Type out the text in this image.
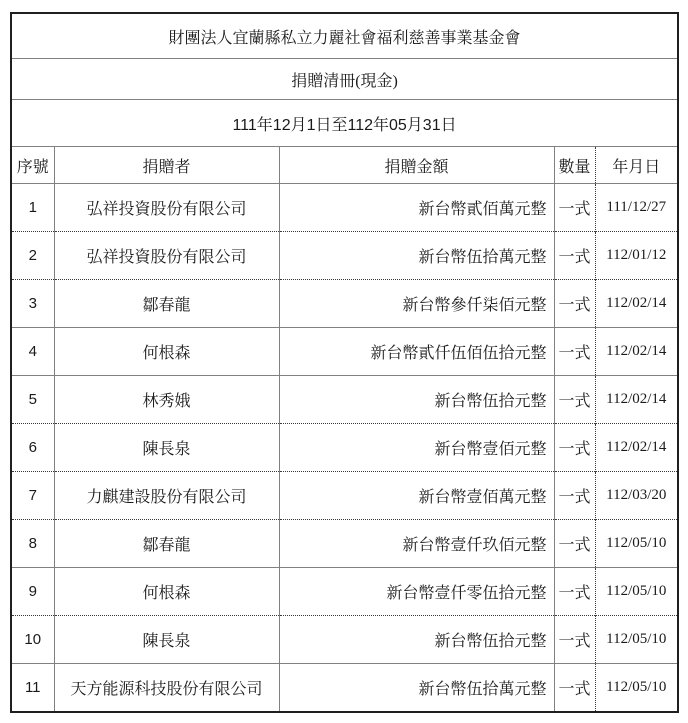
財團法人宜蘭縣私立力麗社會福利慈善事業基金會				
捐贈清冊(現金)				
111年12月1日至112年05月31日				
序號	捐贈者	捐贈金額	數量	年月日
1	弘祥投資股份有限公司	新台幣貳佰萬元整	一式	111/12/27
2	弘祥投資股份有限公司	新台幣伍拾萬元整	一式	112/01/12
3	鄒春龍	新台幣參仟柒佰元整	一式	112/02/14
4	何根森	新台幣貳仟伍佰伍拾元整	一式	112/02/14
5	林秀娥	新台幣伍拾元整	一式	112/02/14
6	陳長泉	新台幣壹佰元整	一式	112/02/14
7	力麒建設股份有限公司	新台幣壹佰萬元整	一式	112/03/20
8	鄒春龍	新台幣壹仟玖佰元整	一式	112/05/10
9	何根森	新台幣壹仟零伍拾元整	一式	112/05/10
10	陳長泉	新台幣伍拾元整	一式	112/05/10
11	天方能源科技股份有限公司	新台幣伍拾萬元整	一式	112/05/10
